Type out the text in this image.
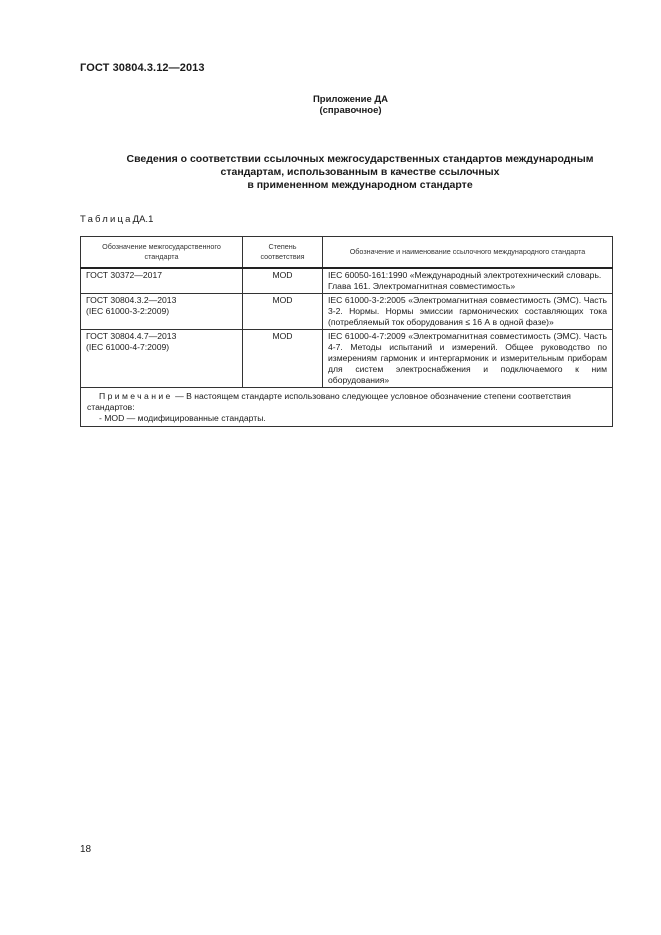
ГОСТ 30804.3.12—2013
Приложение ДА
(справочное)
Сведения о соответствии ссылочных межгосударственных стандартов международным
стандартам, использованным в качестве ссылочных
в примененном международном стандарте
ТаблицаДА.1
Обозначение межгосударственного стандарта	Степень соответствия	Обозначение и наименование ссылочного международного стандарта

ГОСТ 30372—2017	MOD	IEC 60050-161:1990 «Международный электротехнический словарь. Глава 161. Электромагнитная совместимость»

ГОСТ 30804.3.2—2013
(IEC 61000-3-2:2009)	MOD	IEC 61000-3-2:2005 «Электромагнитная совместимость (ЭМС). Часть 3-2. Нормы. Нормы эмиссии гармонических составляющих тока (потребляемый ток оборудования ≤ 16 А в одной фазе)»

ГОСТ 30804.4.7—2013
(IEC 61000-4-7:2009)	MOD	IEC 61000-4-7:2009 «Электромагнитная совместимость (ЭМС). Часть 4-7. Методы испытаний и измерений. Общее руководство по измерениям гармоник и интергармоник и измерительным приборам для систем электроснабжения и подключаемого к ним оборудования»
Примечание — В настоящем стандарте использовано следующее условное обозначение степени соответствия стандартов:
- MOD — модифицированные стандарты.		
18
